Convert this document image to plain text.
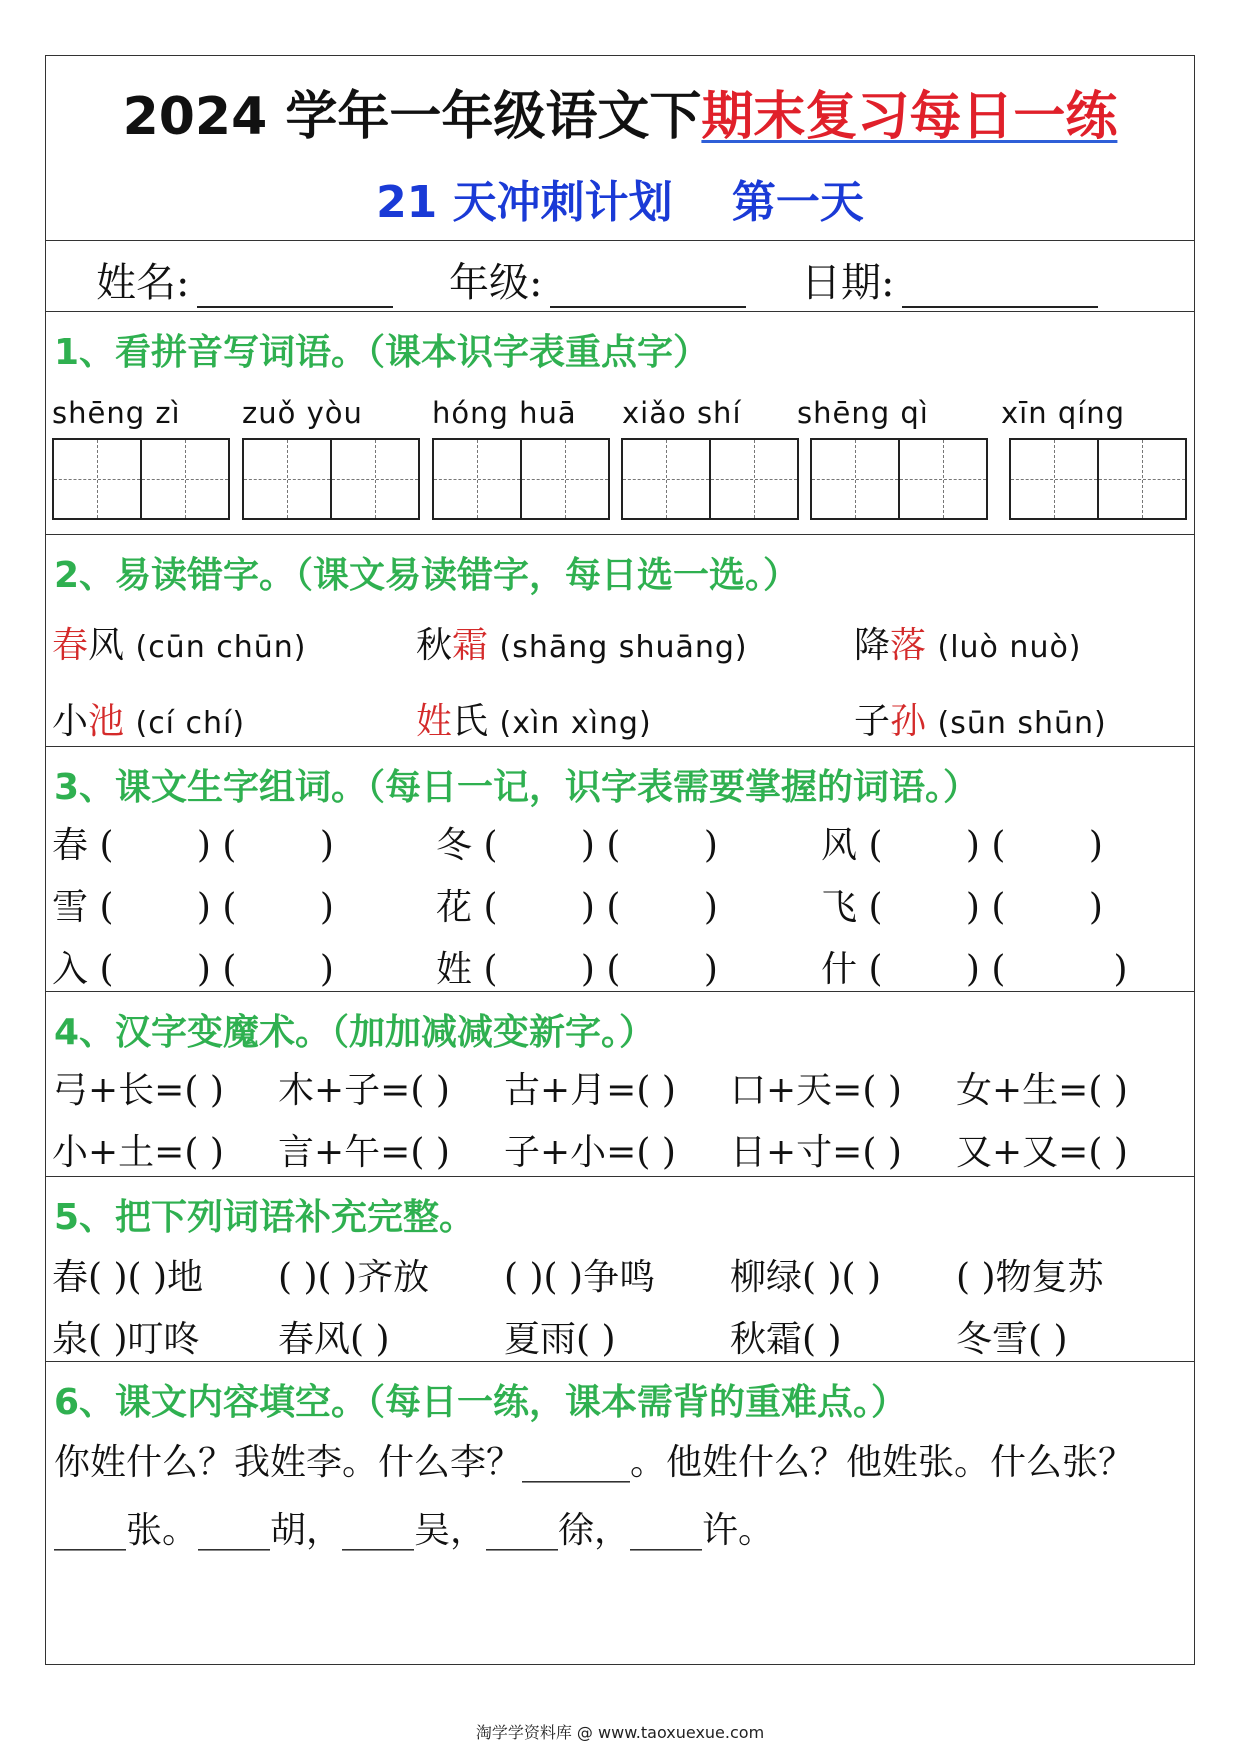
2024 学年一年级语文下期末复习每日一练
21 天冲刺计划　 第一天
姓名:	年级:	日期:
1、看拼音写词语。（课本识字表重点字）
shēng zì zuǒ yòu hóng huā xiǎo shí shēng qì xīn qíng
2、易读错字。（课文易读错字，每日选一选。）
春风 (cūn chūn)	秋霜 (shāng shuāng)	降落 (luò nuò)
小池 (cí chí)	姓氏 (xìn xìng)	子孙 (sūn shūn)
3、课文生字组词。（每日一记，识字表需要掌握的词语。）
春 (　　 ) (　　 )	冬 (　　 ) (　　 )	风 (　　 ) (　　 )
雪 (　　 ) (　　 )	花 (　　 ) (　　 )	飞 (　　 ) (　　 )
入 (　　 ) (　　 )	姓 (　　 ) (　　 )	什 (　　 ) (　　　)
4、汉字变魔术。（加加减减变新字。）
弓+长=( ) 木+子=( ) 古+月=( ) 口+天=( ) 女+生=( )
小+土=( ) 言+午=( ) 子+小=( ) 日+寸=( ) 又+又=( )
5、把下列词语补充完整。
春( )( )地 ( )( )齐放 ( )( )争鸣 柳绿( )( ) ( )物复苏
泉( )叮咚 春风( )	夏雨( )	秋霜( )	冬雪( )
6、课文内容填空。（每日一练，课本需背的重难点。）
你姓什么？我姓李。什么李？______。他姓什么？他姓张。什么张？
____张。____胡，____吴，____徐，____许。
淘学学资料库 @ www.taoxuexue.com
